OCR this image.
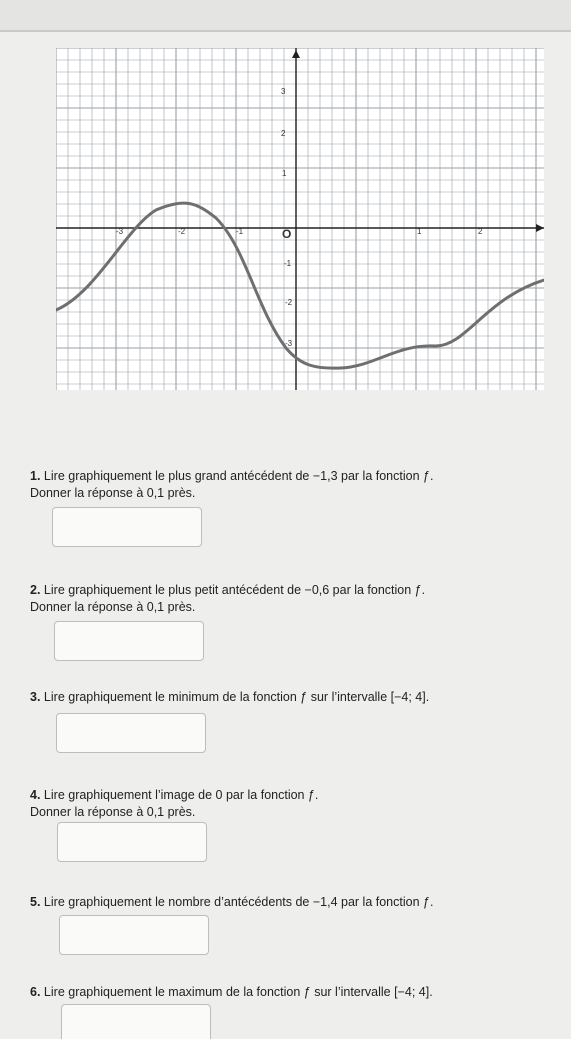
-3	-2	-1	O	1	2
3
2
1
-1
-2
-3
1. Lire graphiquement le plus grand antécédent de −1,3 par la fonction ƒ.
Donner la réponse à 0,1 près.
2. Lire graphiquement le plus petit antécédent de −0,6 par la fonction ƒ.
Donner la réponse à 0,1 près.
3. Lire graphiquement le minimum de la fonction ƒ sur l’intervalle [−4; 4].
4. Lire graphiquement l’image de 0 par la fonction ƒ.
Donner la réponse à 0,1 près.
5. Lire graphiquement le nombre d’antécédents de −1,4 par la fonction ƒ.
6. Lire graphiquement le maximum de la fonction ƒ sur l’intervalle [−4; 4].
